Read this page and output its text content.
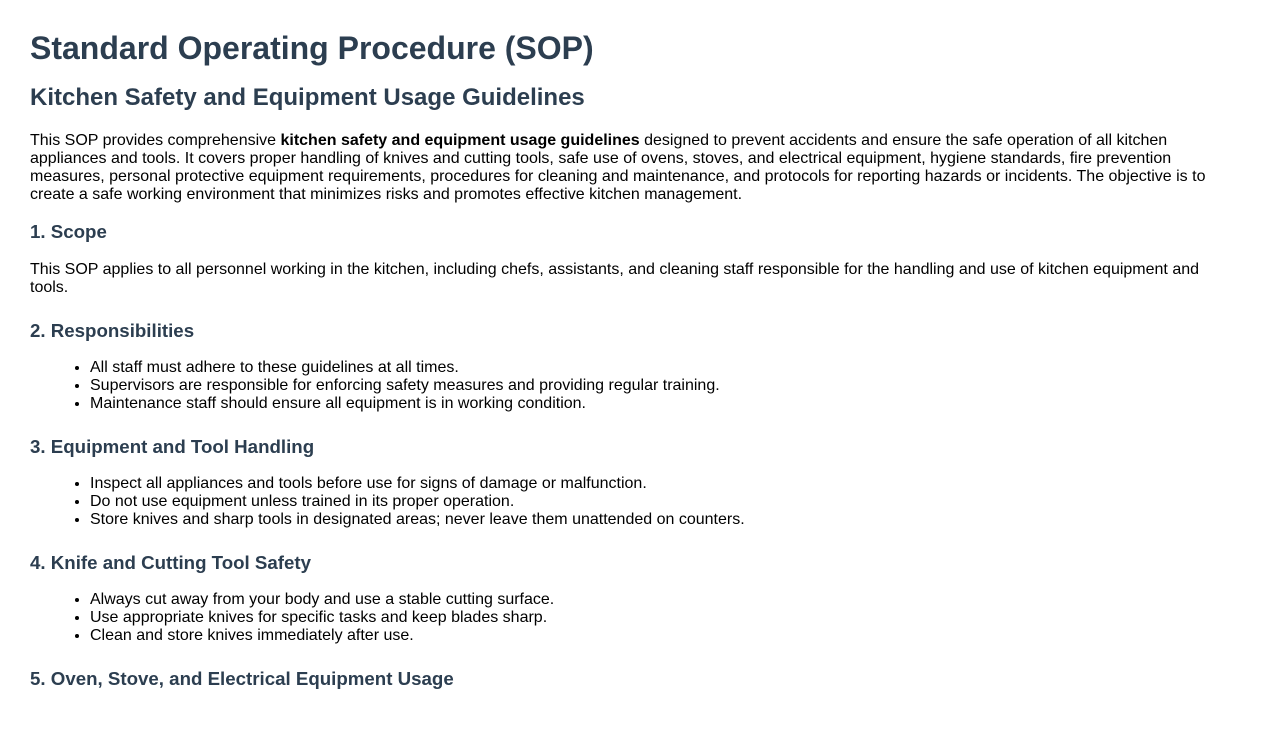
Standard Operating Procedure (SOP)
Kitchen Safety and Equipment Usage Guidelines

This SOP provides comprehensive kitchen safety and equipment usage guidelines designed to prevent accidents and ensure the safe operation of all kitchen appliances and tools. It covers proper handling of knives and cutting tools, safe use of ovens, stoves, and electrical equipment, hygiene standards, fire prevention measures, personal protective equipment requirements, procedures for cleaning and maintenance, and protocols for reporting hazards or incidents. The objective is to create a safe working environment that minimizes risks and promotes effective kitchen management.

1. Scope

This SOP applies to all personnel working in the kitchen, including chefs, assistants, and cleaning staff responsible for the handling and use of kitchen equipment and tools.

2. Responsibilities
• All staff must adhere to these guidelines at all times.
• Supervisors are responsible for enforcing safety measures and providing regular training.
• Maintenance staff should ensure all equipment is in working condition.
3. Equipment and Tool Handling
• Inspect all appliances and tools before use for signs of damage or malfunction.
• Do not use equipment unless trained in its proper operation.
• Store knives and sharp tools in designated areas; never leave them unattended on counters.
4. Knife and Cutting Tool Safety
• Always cut away from your body and use a stable cutting surface.
• Use appropriate knives for specific tasks and keep blades sharp.
• Clean and store knives immediately after use.
5. Oven, Stove, and Electrical Equipment Usage
